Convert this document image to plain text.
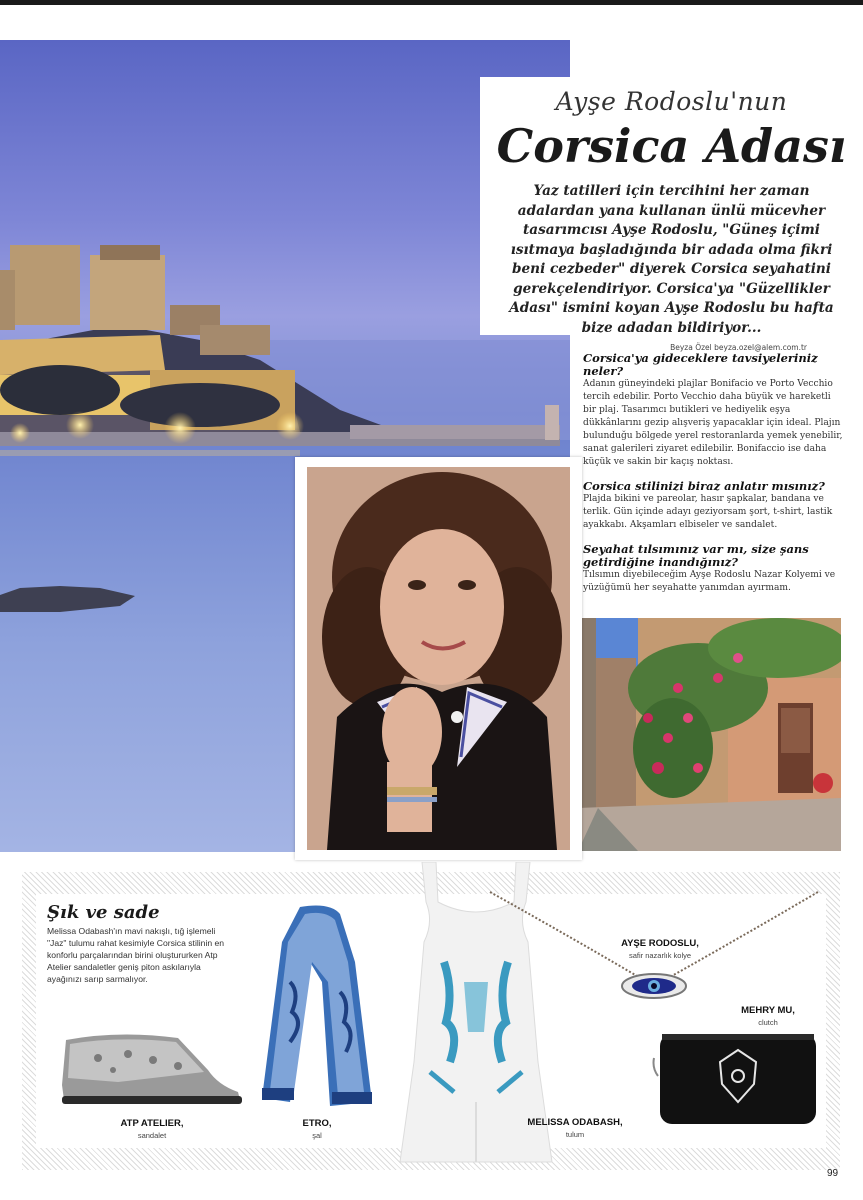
Ayşe Rodoslu'nun
Corsica Adası
Yaz tatilleri için tercihini her zaman adalardan yana kullanan ünlü mücevher tasarımcısı Ayşe Rodoslu, "Güneş içimi ısıtmaya başladığında bir adada olma fikri beni cezbeder" diyerek Corsica seyahatini gerekçelendiriyor. Corsica'ya "Güzellikler Adası" ismini koyan Ayşe Rodoslu bu hafta bize adadan bildiriyor...
Beyza Özel beyza.ozel@alem.com.tr
Corsica'ya gideceklere tavsiyeleriniz neler?

Adanın güneyindeki plajlar Bonifacio ve Porto Vecchio tercih edebilir. Porto Vecchio daha büyük ve hareketli bir plaj. Tasarımcı butikleri ve hediyelik eşya dükkânlarını gezip alışveriş yapacaklar için ideal. Plajın bulunduğu bölgede yerel restoranlarda yemek yenebilir, sanat galerileri ziyaret edilebilir. Bonifaccio ise daha küçük ve sakin bir kaçış noktası.

Corsica stilinizi biraz anlatır mısınız?

Plajda bikini ve pareolar, hasır şapkalar, bandana ve terlik. Gün içinde adayı geziyorsam şort, t-shirt, lastik ayakkabı. Akşamları elbiseler ve sandalet.

Seyahat tılsımınız var mı, size şans getirdiğine inandığınız?

Tılsımın diyebileceğim Ayşe Rodoslu Nazar Kolyemi ve yüzüğümü her seyahatte yanımdan ayırmam.

Şık ve sade
Melissa Odabash'ın mavi nakışlı, tığ işlemeli "Jaz" tulumu rahat kesimiyle Corsica stilinin en konforlu parçalarından birini oluştururken Atp Atelier sandaletler geniş piton askılarıyla ayağınızı sarıp sarmalıyor.
ATP ATELIER,
sandalet
ETRO,
şal
MELISSA ODABASH,
tulum
AYŞE RODOSLU,
safir nazarlık kolye
MEHRY MU,
clutch
99
